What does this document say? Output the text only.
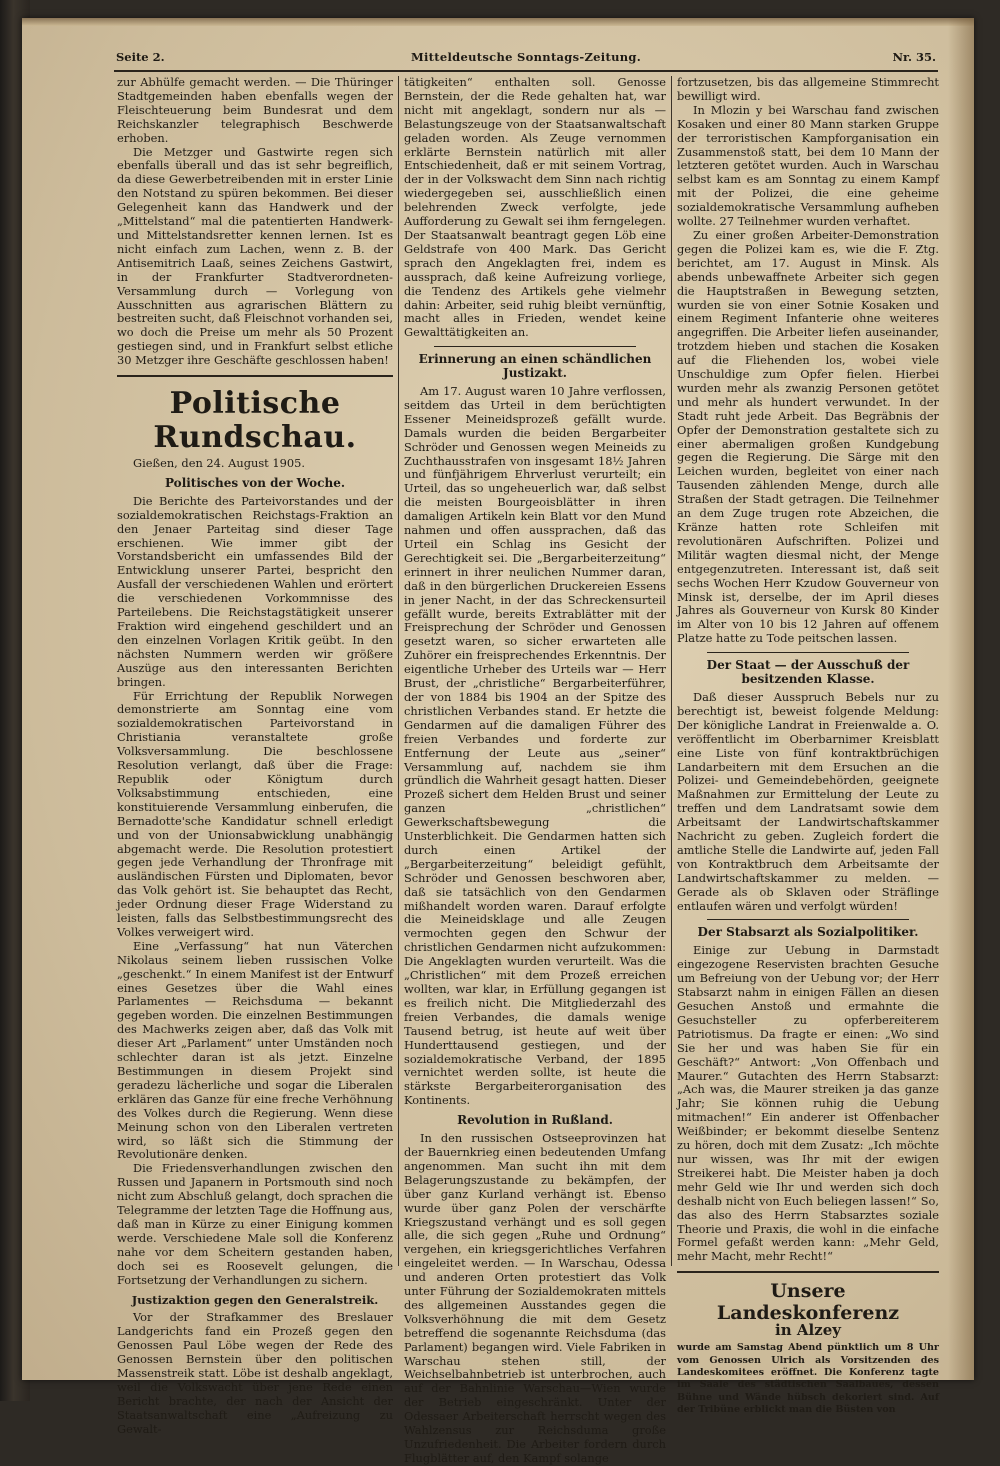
Seite 2.	Mitteldeutsche Sonntags-Zeitung.	Nr. 35.

zur Abhülfe gemacht werden. — Die Thüringer Stadtgemeinden haben ebenfalls wegen der Fleischteuerung beim Bundesrat und dem Reichskanzler telegraphisch Beschwerde erhoben.

Die Metzger und Gastwirte regen sich ebenfalls überall und das ist sehr begreiflich, da diese Gewerbetreibenden mit in erster Linie den Notstand zu spüren bekommen. Bei dieser Gelegenheit kann das Handwerk und der „Mittelstand“ mal die patentierten Handwerk- und Mittelstandsretter kennen lernen. Ist es nicht einfach zum Lachen, wenn z. B. der Antisemitrich Laaß, seines Zeichens Gastwirt, in der Frankfurter Stadtverordneten-Versammlung durch — Vorlegung von Ausschnitten aus agrarischen Blättern zu bestreiten sucht, daß Fleischnot vorhanden sei, wo doch die Preise um mehr als 50 Prozent gestiegen sind, und in Frankfurt selbst etliche 30 Metzger ihre Geschäfte geschlossen haben!

Politische Rundschau.

Gießen, den 24. August 1905.

Politisches von der Woche.

Die Berichte des Parteivorstandes und der sozialdemokratischen Reichstags-Fraktion an den Jenaer Parteitag sind dieser Tage erschienen. Wie immer gibt der Vorstandsbericht ein umfassendes Bild der Entwicklung unserer Partei, bespricht den Ausfall der verschiedenen Wahlen und erörtert die verschiedenen Vorkommnisse des Parteilebens. Die Reichstagstätigkeit unserer Fraktion wird eingehend geschildert und an den einzelnen Vorlagen Kritik geübt. In den nächsten Nummern werden wir größere Auszüge aus den interessanten Berichten bringen.

Für Errichtung der Republik Norwegen demonstrierte am Sonntag eine vom sozialdemokratischen Parteivorstand in Christiania veranstaltete große Volksversammlung. Die beschlossene Resolution verlangt, daß über die Frage: Republik oder Königtum durch Volksabstimmung entschieden, eine konstituierende Versammlung einberufen, die Bernadotte'sche Kandidatur schnell erledigt und von der Unionsabwicklung unabhängig abgemacht werde. Die Resolution protestiert gegen jede Verhandlung der Thronfrage mit ausländischen Fürsten und Diplomaten, bevor das Volk gehört ist. Sie behauptet das Recht, jeder Ordnung dieser Frage Widerstand zu leisten, falls das Selbstbestimmungsrecht des Volkes verweigert wird.

Eine „Verfassung“ hat nun Väterchen Nikolaus seinem lieben russischen Volke „geschenkt.“ In einem Manifest ist der Entwurf eines Gesetzes über die Wahl eines Parlamentes — Reichsduma — bekannt gegeben worden. Die einzelnen Bestimmungen des Machwerks zeigen aber, daß das Volk mit dieser Art „Parlament“ unter Umständen noch schlechter daran ist als jetzt. Einzelne Bestimmungen in diesem Projekt sind geradezu lächerliche und sogar die Liberalen erklären das Ganze für eine freche Verhöhnung des Volkes durch die Regierung. Wenn diese Meinung schon von den Liberalen vertreten wird, so läßt sich die Stimmung der Revolutionäre denken.

Die Friedensverhandlungen zwischen den Russen und Japanern in Portsmouth sind noch nicht zum Abschluß gelangt, doch sprachen die Telegramme der letzten Tage die Hoffnung aus, daß man in Kürze zu einer Einigung kommen werde. Verschiedene Male soll die Konferenz nahe vor dem Scheitern gestanden haben, doch sei es Roosevelt gelungen, die Fortsetzung der Verhandlungen zu sichern.

Justizaktion gegen den Generalstreik.

Vor der Strafkammer des Breslauer Landgerichts fand ein Prozeß gegen den Genossen Paul Löbe wegen der Rede des Genossen Bernstein über den politischen Massenstreik statt. Löbe ist deshalb angeklagt, weil die Volkswacht über jene Rede einen Bericht brachte, der nach der Ansicht der Staatsanwaltschaft eine „Aufreizung zu Gewalt-

tätigkeiten“ enthalten soll. Genosse Bernstein, der die Rede gehalten hat, war nicht mit angeklagt, sondern nur als — Belastungszeuge von der Staatsanwaltschaft geladen worden. Als Zeuge vernommen erklärte Bernstein natürlich mit aller Entschiedenheit, daß er mit seinem Vortrag, der in der Volkswacht dem Sinn nach richtig wiedergegeben sei, ausschließlich einen belehrenden Zweck verfolgte, jede Aufforderung zu Gewalt sei ihm ferngelegen. Der Staatsanwalt beantragt gegen Löb eine Geldstrafe von 400 Mark. Das Gericht sprach den Angeklagten frei, indem es aussprach, daß keine Aufreizung vorliege, die Tendenz des Artikels gehe vielmehr dahin: Arbeiter, seid ruhig bleibt vernünftig, macht alles in Frieden, wendet keine Gewalttätigkeiten an.

Erinnerung an einen schändlichen Justizakt.

Am 17. August waren 10 Jahre verflossen, seitdem das Urteil in dem berüchtigten Essener Meineidsprozeß gefällt wurde. Damals wurden die beiden Bergarbeiter Schröder und Genossen wegen Meineids zu Zuchthausstrafen von insgesamt 18½ Jahren und fünfjährigem Ehrverlust verurteilt; ein Urteil, das so ungeheuerlich war, daß selbst die meisten Bourgeoisblätter in ihren damaligen Artikeln kein Blatt vor den Mund nahmen und offen aussprachen, daß das Urteil ein Schlag ins Gesicht der Gerechtigkeit sei. Die „Bergarbeiterzeitung“ erinnert in ihrer neulichen Nummer daran, daß in den bürgerlichen Druckereien Essens in jener Nacht, in der das Schreckensurteil gefällt wurde, bereits Extrablätter mit der Freisprechung der Schröder und Genossen gesetzt waren, so sicher erwarteten alle Zuhörer ein freisprechendes Erkenntnis. Der eigentliche Urheber des Urteils war — Herr Brust, der „christliche“ Bergarbeiterführer, der von 1884 bis 1904 an der Spitze des christlichen Verbandes stand. Er hetzte die Gendarmen auf die damaligen Führer des freien Verbandes und forderte zur Entfernung der Leute aus „seiner“ Versammlung auf, nachdem sie ihm gründlich die Wahrheit gesagt hatten. Dieser Prozeß sichert dem Helden Brust und seiner ganzen „christlichen“ Gewerkschaftsbewegung die Unsterblichkeit. Die Gendarmen hatten sich durch einen Artikel der „Bergarbeiterzeitung“ beleidigt gefühlt, Schröder und Genossen beschworen aber, daß sie tatsächlich von den Gendarmen mißhandelt worden waren. Darauf erfolgte die Meineidsklage und alle Zeugen vermochten gegen den Schwur der christlichen Gendarmen nicht aufzukommen: Die Angeklagten wurden verurteilt. Was die „Christlichen“ mit dem Prozeß erreichen wollten, war klar, in Erfüllung gegangen ist es freilich nicht. Die Mitgliederzahl des freien Verbandes, die damals wenige Tausend betrug, ist heute auf weit über Hunderttausend gestiegen, und der sozialdemokratische Verband, der 1895 vernichtet werden sollte, ist heute die stärkste Bergarbeiterorganisation des Kontinents.

Revolution in Rußland.

In den russischen Ostseeprovinzen hat der Bauernkrieg einen bedeutenden Umfang angenommen. Man sucht ihn mit dem Belagerungszustande zu bekämpfen, der über ganz Kurland verhängt ist. Ebenso wurde über ganz Polen der verschärfte Kriegszustand verhängt und es soll gegen alle, die sich gegen „Ruhe und Ordnung“ vergehen, ein kriegsgerichtliches Verfahren eingeleitet werden. — In Warschau, Odessa und anderen Orten protestiert das Volk unter Führung der Sozialdemokraten mittels des allgemeinen Ausstandes gegen die Volksverhöhnung die mit dem Gesetz betreffend die sogenannte Reichsduma (das Parlament) begangen wird. Viele Fabriken in Warschau stehen still, der Weichselbahnbetrieb ist unterbrochen, auch auf der Bahnlinie Warschau—Wien wurde der Betrieb eingeschränkt. Unter der Odessaer Arbeiterschaft herrscht wegen des Wahlzensus zur Reichsduma große Unzufriedenheit. Die Arbeiter fordern durch Flugblätter auf, den Kampf solange

fortzusetzen, bis das allgemeine Stimmrecht bewilligt wird.

In Mlozin y bei Warschau fand zwischen Kosaken und einer 80 Mann starken Gruppe der terroristischen Kampforganisation ein Zusammenstoß statt, bei dem 10 Mann der letzteren getötet wurden. Auch in Warschau selbst kam es am Sonntag zu einem Kampf mit der Polizei, die eine geheime sozialdemokratische Versammlung aufheben wollte. 27 Teilnehmer wurden verhaftet.

Zu einer großen Arbeiter-Demonstration gegen die Polizei kam es, wie die F. Ztg. berichtet, am 17. August in Minsk. Als abends unbewaffnete Arbeiter sich gegen die Hauptstraßen in Bewegung setzten, wurden sie von einer Sotnie Kosaken und einem Regiment Infanterie ohne weiteres angegriffen. Die Arbeiter liefen auseinander, trotzdem hieben und stachen die Kosaken auf die Fliehenden los, wobei viele Unschuldige zum Opfer fielen. Hierbei wurden mehr als zwanzig Personen getötet und mehr als hundert verwundet. In der Stadt ruht jede Arbeit. Das Begräbnis der Opfer der Demonstration gestaltete sich zu einer abermaligen großen Kundgebung gegen die Regierung. Die Särge mit den Leichen wurden, begleitet von einer nach Tausenden zählenden Menge, durch alle Straßen der Stadt getragen. Die Teilnehmer an dem Zuge trugen rote Abzeichen, die Kränze hatten rote Schleifen mit revolutionären Aufschriften. Polizei und Militär wagten diesmal nicht, der Menge entgegenzutreten. Interessant ist, daß seit sechs Wochen Herr Kzudow Gouverneur von Minsk ist, derselbe, der im April dieses Jahres als Gouverneur von Kursk 80 Kinder im Alter von 10 bis 12 Jahren auf offenem Platze hatte zu Tode peitschen lassen.

Der Staat — der Ausschuß der besitzenden Klasse.

Daß dieser Ausspruch Bebels nur zu berechtigt ist, beweist folgende Meldung: Der königliche Landrat in Freienwalde a. O. veröffentlicht im Oberbarnimer Kreisblatt eine Liste von fünf kontraktbrüchigen Landarbeitern mit dem Ersuchen an die Polizei- und Gemeindebehörden, geeignete Maßnahmen zur Ermittelung der Leute zu treffen und dem Landratsamt sowie dem Arbeitsamt der Landwirtschaftskammer Nachricht zu geben. Zugleich fordert die amtliche Stelle die Landwirte auf, jeden Fall von Kontraktbruch dem Arbeitsamte der Landwirtschaftskammer zu melden. — Gerade als ob Sklaven oder Sträflinge entlaufen wären und verfolgt würden!

Der Stabsarzt als Sozialpolitiker.

Einige zur Uebung in Darmstadt eingezogene Reservisten brachten Gesuche um Befreiung von der Uebung vor; der Herr Stabsarzt nahm in einigen Fällen an diesen Gesuchen Anstoß und ermahnte die Gesuchsteller zu opferbereiterem Patriotismus. Da fragte er einen: „Wo sind Sie her und was haben Sie für ein Geschäft?“ Antwort: „Von Offenbach und Maurer.“ Gutachten des Herrn Stabsarzt: „Ach was, die Maurer streiken ja das ganze Jahr; Sie können ruhig die Uebung mitmachen!“ Ein anderer ist Offenbacher Weißbinder; er bekommt dieselbe Sentenz zu hören, doch mit dem Zusatz: „Ich möchte nur wissen, was Ihr mit der ewigen Streikerei habt. Die Meister haben ja doch mehr Geld wie Ihr und werden sich doch deshalb nicht von Euch beliegen lassen!“ So, das also des Herrn Stabsarztes soziale Theorie und Praxis, die wohl in die einfache Formel gefaßt werden kann: „Mehr Geld, mehr Macht, mehr Recht!“

Unsere Landeskonferenz
in Alzey

wurde am Samstag Abend pünktlich um 8 Uhr vom Genossen Ulrich als Vorsitzenden des Landeskomitees eröffnet. Die Konferenz tagte im Saale des städtischen Saalbaues, dessen Bühne und Wände hübsch dekoriert sind. Auf der Tribüne erblickt man die Büsten von
